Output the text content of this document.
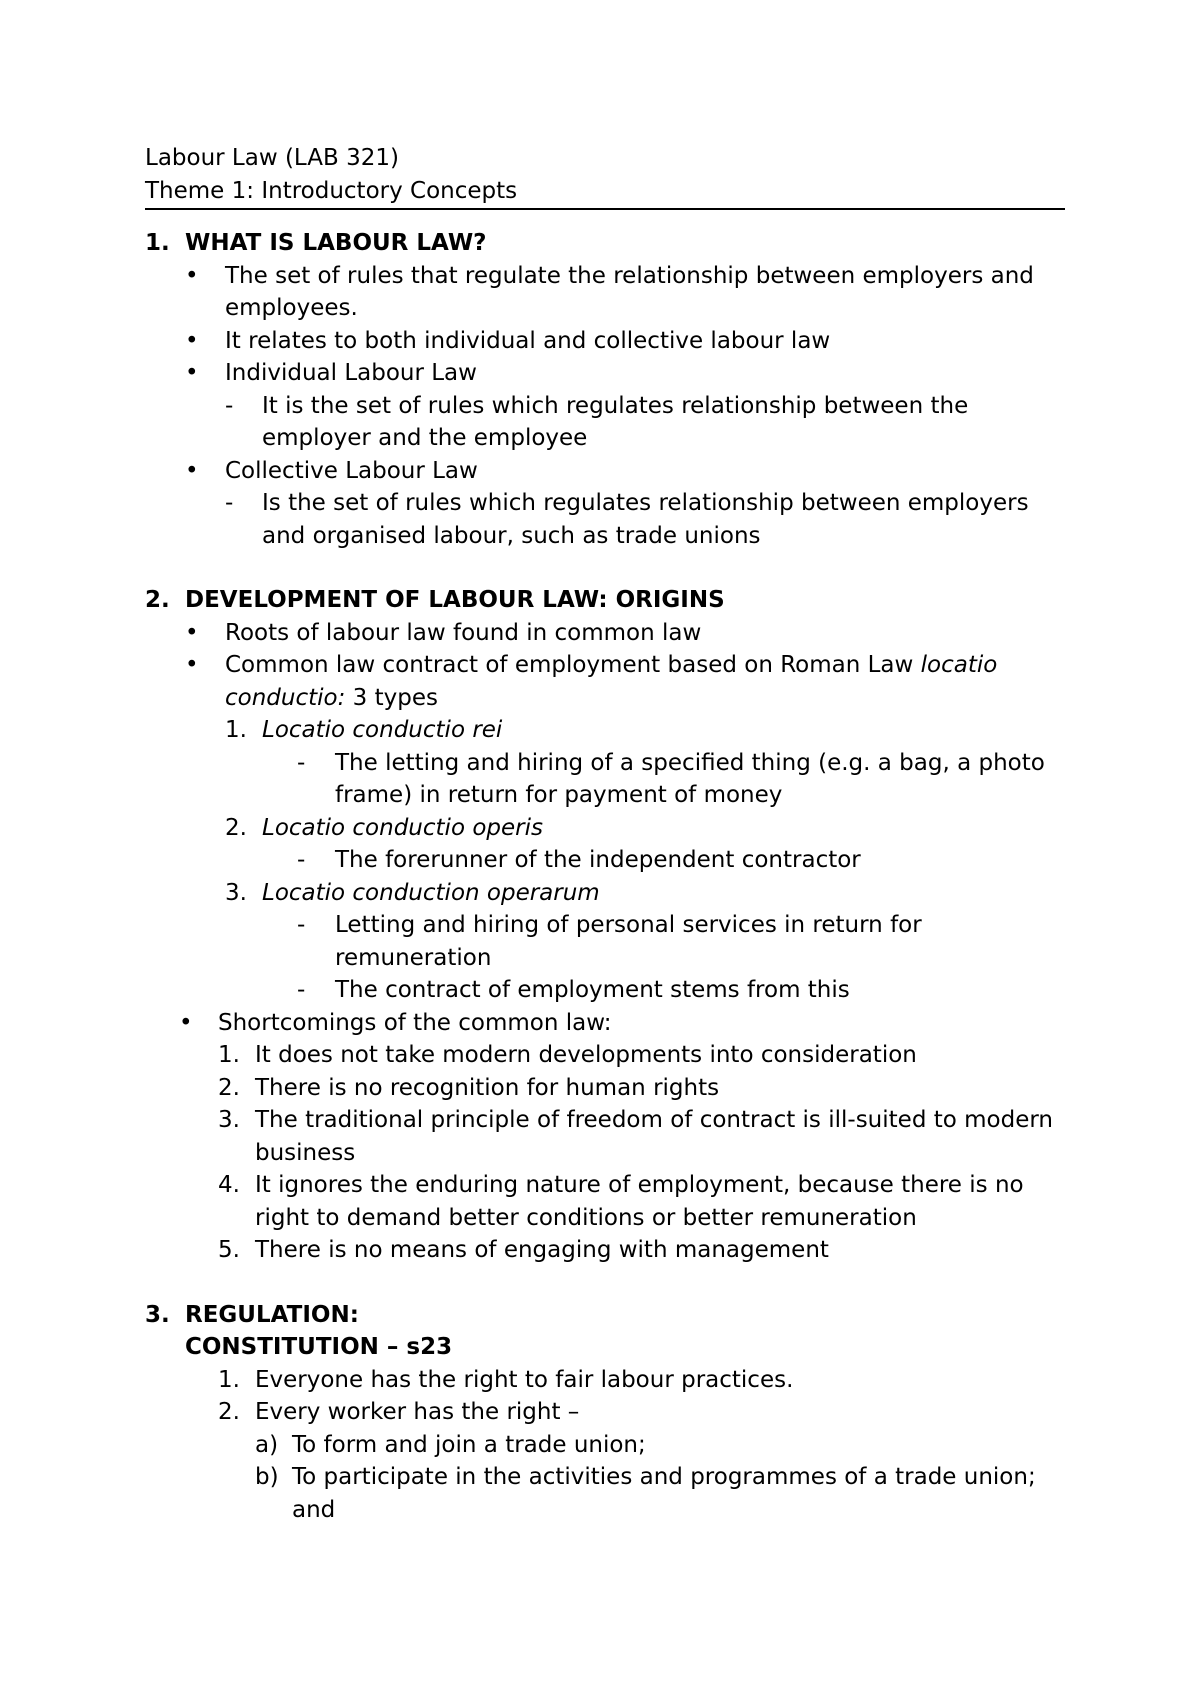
Labour Law (LAB 321)
Theme 1: Introductory Concepts
1. WHAT IS LABOUR LAW?
• The set of rules that regulate the relationship between employers and employees.
• It relates to both individual and collective labour law
• Individual Labour Law
- It is the set of rules which regulates relationship between the employer and the employee
• Collective Labour Law
- Is the set of rules which regulates relationship between employers and organised labour, such as trade unions
2. DEVELOPMENT OF LABOUR LAW: ORIGINS
• Roots of labour law found in common law
• Common law contract of employment based on Roman Law locatio conductio: 3 types
1. Locatio conductio rei
- The letting and hiring of a specified thing (e.g. a bag, a photo frame) in return for payment of money
2. Locatio conductio operis
- The forerunner of the independent contractor
3. Locatio conduction operarum
- Letting and hiring of personal services in return for remuneration
- The contract of employment stems from this
• Shortcomings of the common law:
1. It does not take modern developments into consideration
2. There is no recognition for human rights
3. The traditional principle of freedom of contract is ill-suited to modern business
4. It ignores the enduring nature of employment, because there is no right to demand better conditions or better remuneration
5. There is no means of engaging with management
3. REGULATION:
CONSTITUTION – s23
1. Everyone has the right to fair labour practices.
2. Every worker has the right –
a) To form and join a trade union;
b) To participate in the activities and programmes of a trade union; and
